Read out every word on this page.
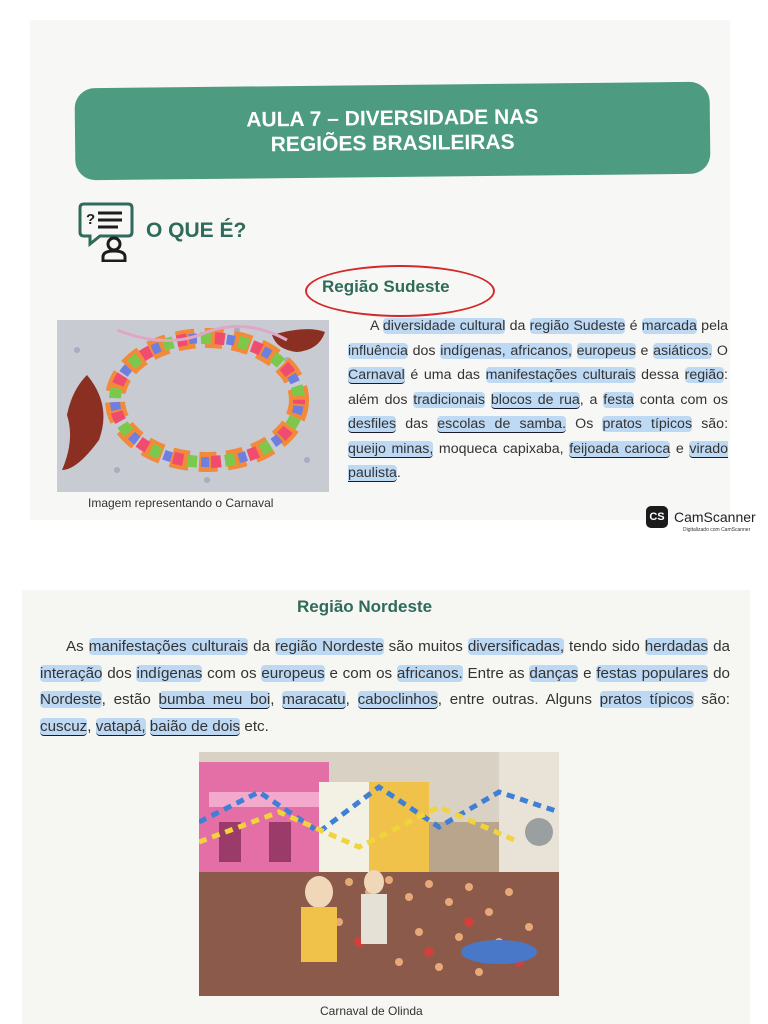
AULA 7 – DIVERSIDADE NAS
REGIÕES BRASILEIRAS
? O QUE É?
Região Sudeste
Imagem representando o Carnaval
A diversidade cultural da região Sudeste é marcada pela influência dos indígenas, africanos, europeus e asiáticos. O Carnaval é uma das manifestações culturais dessa região: além dos tradicionais blocos de rua, a festa conta com os desfiles das escolas de samba. Os pratos típicos são: queijo minas, moqueca capixaba, feijoada carioca e virado paulista.
CS CamScanner
Digitalizado com CamScanner
Região Nordeste
As manifestações culturais da região Nordeste são muitos diversificadas, tendo sido herdadas da interação dos indígenas com os europeus e com os africanos. Entre as danças e festas populares do Nordeste, estão bumba meu boi, maracatu, caboclinhos, entre outras. Alguns pratos típicos são: cuscuz, vatapá, baião de dois etc.
Carnaval de Olinda
